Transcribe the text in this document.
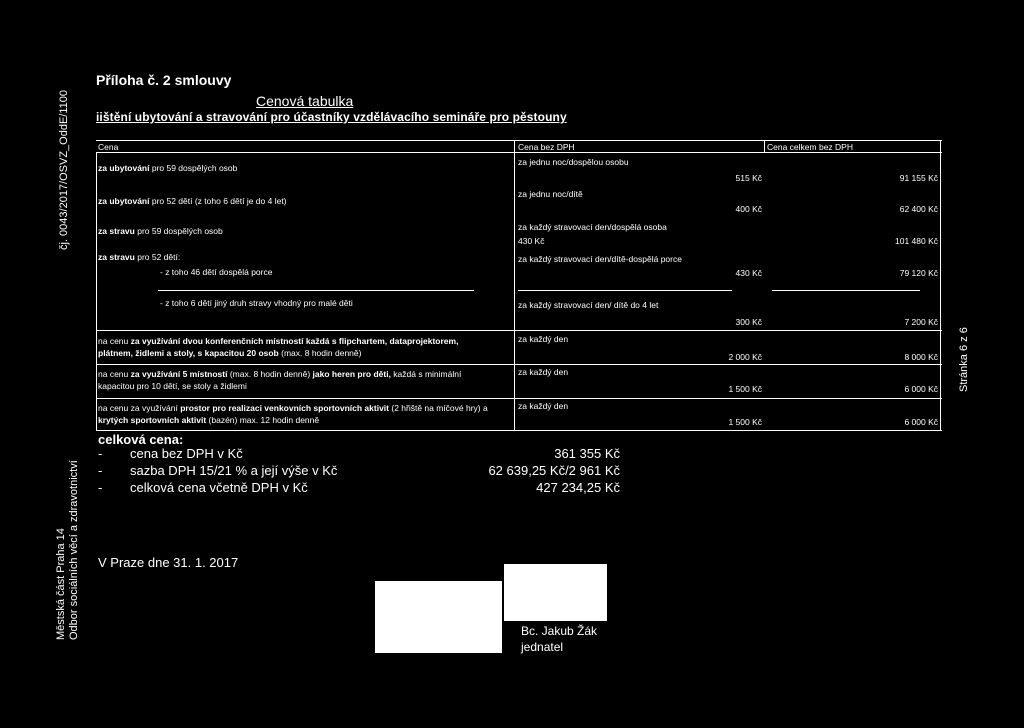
čj. 0043/2017/OSVZ_OddE/1100
Městská část Praha 14 Odbor sociálních věcí a zdravotnictví
Stránka 6 z 6
Příloha č. 2 smlouvy
Cenová tabulka
iištění ubytování a stravování pro účastníky vzdělávacího semináře pro pěstouny
Cena	Cena bez DPH	Cena celkem bez DPH
za ubytování pro 59 dospělých osob
za jednu noc/dospělou osobu
515 Kč	91 155 Kč
za ubytování pro 52 dětí (z toho 6 dětí je do 4 let)
za jednu noc/dítě
400 Kč	62 400 Kč
za stravu pro 59 dospělých osob	za každý stravovací den/dospělá osoba
430 Kč	101 480 Kč
za stravu pro 52 dětí:
- z toho 46 dětí dospělá porce
za každý stravovací den/dítě-dospělá porce
430 Kč	79 120 Kč
- z toho 6 dětí jiný druh stravy vhodný pro malé děti	za každý stravovací den/ dítě do 4 let
300 Kč	7 200 Kč
na cenu za využívání dvou konferenčních místností každá s flipchartem, dataprojektorem,
plátnem, židlemi a stoly, s kapacitou 20 osob (max. 8 hodin denně)
za každý den
2 000 Kč	8 000 Kč
na cenu za využívání 5 místností (max. 8 hodin denně) jako heren pro děti, každá s minimální
kapacitou pro 10 dětí, se stoly a židlemi
za každý den
1 500 Kč	6 000 Kč
na cenu za využívání prostor pro realizaci venkovních sportovních aktivit (2 hřiště na míčové hry) a
krytých sportovních aktivit (bazén) max. 12 hodin denně
za každý den
1 500 Kč	6 000 Kč
celková cena:
- cena bez DPH v Kč	361 355 Kč
- sazba DPH 15/21 % a její výše v Kč	62 639,25 Kč/2 961 Kč
- celková cena včetně DPH v Kč	427 234,25 Kč
V Praze dne 31. 1. 2017
Bc. Jakub Žák
jednatel
